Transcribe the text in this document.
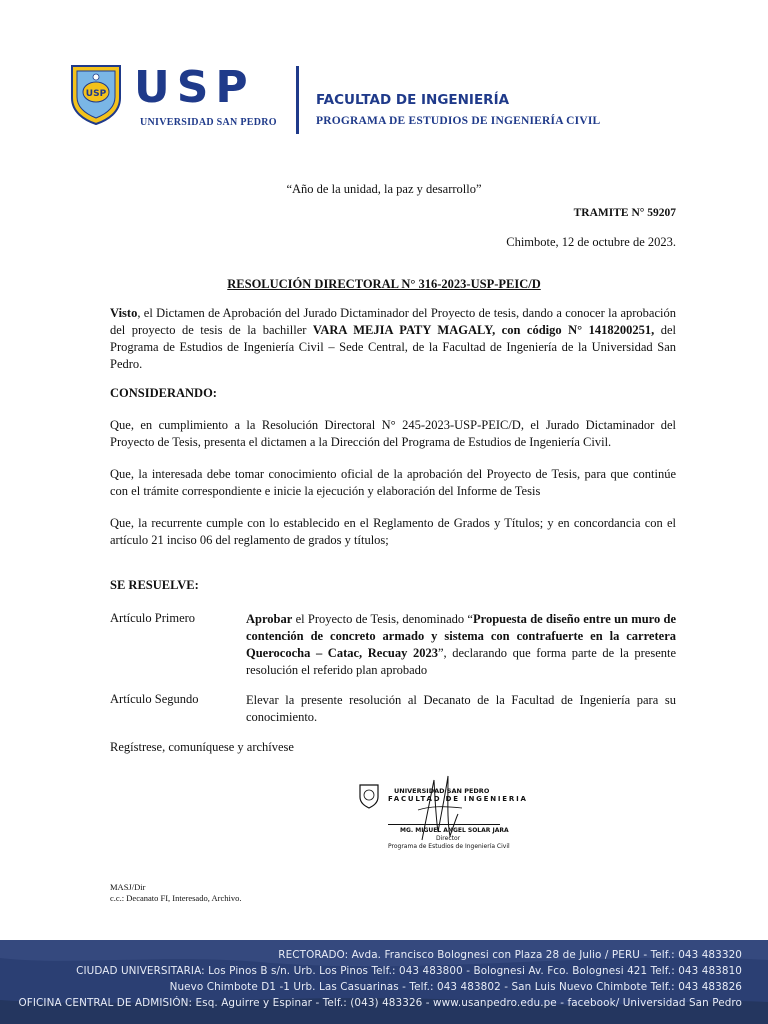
USP USP
UNIVERSIDAD SAN PEDRO
FACULTAD DE INGENIERÍA
PROGRAMA DE ESTUDIOS DE INGENIERÍA CIVIL
“Año de la unidad, la paz y desarrollo”
TRAMITE N° 59207
Chimbote, 12 de octubre de 2023.
RESOLUCIÓN DIRECTORAL N° 316-2023-USP-PEIC/D
Visto, el Dictamen de Aprobación del Jurado Dictaminador del Proyecto de tesis, dando a conocer la aprobación del proyecto de tesis de la bachiller VARA MEJIA PATY MAGALY, con código N° 1418200251, del Programa de Estudios de Ingeniería Civil – Sede Central, de la Facultad de Ingeniería de la Universidad San Pedro.
CONSIDERANDO:
Que, en cumplimiento a la Resolución Directoral N° 245-2023-USP-PEIC/D, el Jurado Dictaminador del Proyecto de Tesis, presenta el dictamen a la Dirección del Programa de Estudios de Ingeniería Civil.
Que, la interesada debe tomar conocimiento oficial de la aprobación del Proyecto de Tesis, para que continúe con el trámite correspondiente e inicie la ejecución y elaboración del Informe de Tesis
Que, la recurrente cumple con lo establecido en el Reglamento de Grados y Títulos; y en concordancia con el artículo 21 inciso 06 del reglamento de grados y títulos;
SE RESUELVE:
Artículo Primero	Aprobar el Proyecto de Tesis, denominado “Propuesta de diseño entre un muro de contención de concreto armado y sistema con contrafuerte en la carretera Querococha – Catac, Recuay 2023”, declarando que forma parte de la presente resolución el referido plan aprobado
Artículo Segundo	Elevar la presente resolución al Decanato de la Facultad de Ingeniería para su conocimiento.
Regístrese, comuníquese y archívese
UNIVERSIDAD SAN PEDRO
FACULTAD DE INGENIERIA
MG. MIGUEL ANGEL SOLAR JARA
Director
Programa de Estudios de Ingeniería Civil
MASJ/Dir
c.c.: Decanato FI, Interesado, Archivo.
RECTORADO: Avda. Francisco Bolognesi con Plaza 28 de Julio / PERU - Telf.: 043 483320
CIUDAD UNIVERSITARIA: Los Pinos B s/n. Urb. Los Pinos Telf.: 043 483800 - Bolognesi Av. Fco. Bolognesi 421 Telf.: 043 483810
Nuevo Chimbote D1 -1 Urb. Las Casuarinas - Telf.: 043 483802 - San Luis Nuevo Chimbote Telf.: 043 483826
OFICINA CENTRAL DE ADMISIÓN: Esq. Aguirre y Espinar - Telf.: (043) 483326 - www.usanpedro.edu.pe - facebook/ Universidad San Pedro
